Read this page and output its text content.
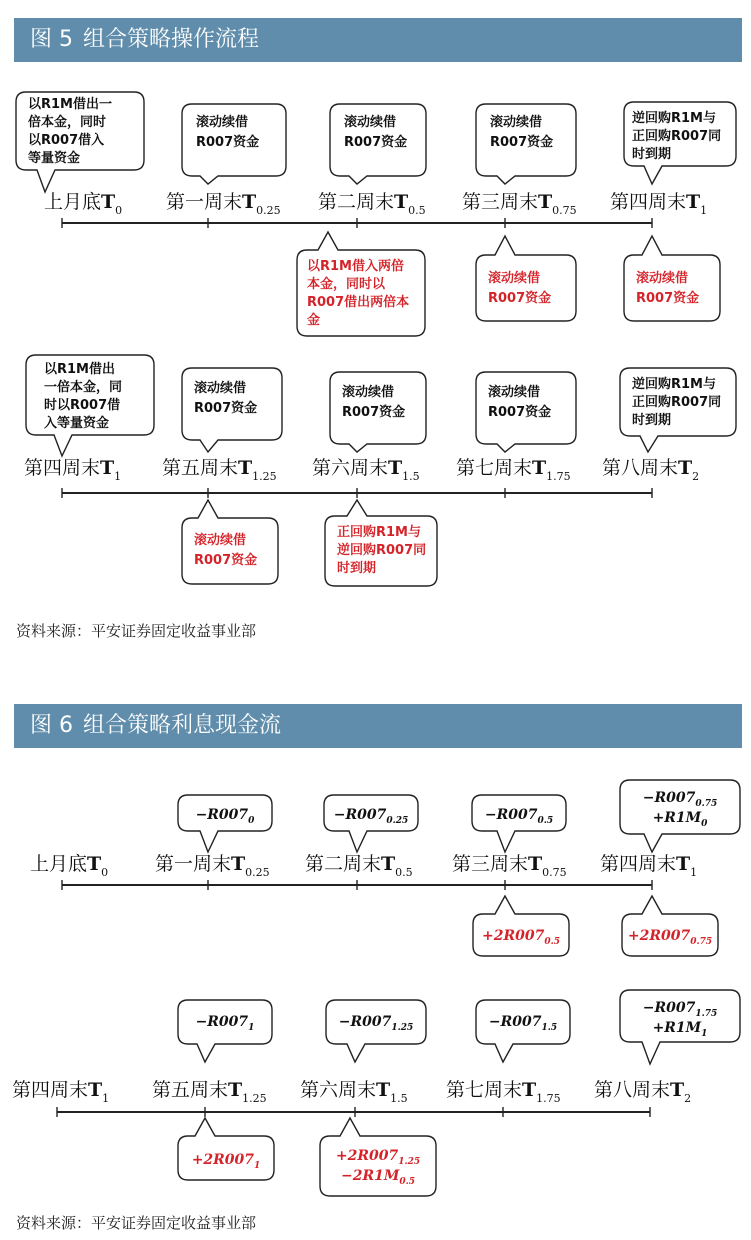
图 5 组合策略操作流程
图 6 组合策略利息现金流
资料来源：平安证券固定收益事业部
资料来源：平安证券固定收益事业部
上月底$T_0$ 第一周末$T_{0.25}$ 第二周末$T_{0.5}$ 第三周末$T_{0.75}$ 第四周末$T_1$
以R1M借出一
倍本金，同时
以R007借入
等量资金
滚动续借
R007资金
滚动续借
R007资金
滚动续借
R007资金
逆回购R1M与
正回购R007同
时到期
以R1M借入两倍
本金，同时以
R007借出两倍本
金
滚动续借
R007资金
滚动续借
R007资金
第四周末$T_1$ 第五周末$T_{1.25}$ 第六周末$T_{1.5}$ 第七周末$T_{1.75}$ 第八周末$T_2$
以R1M借出
一倍本金，同
时以R007借
入等量资金
滚动续借
R007资金
滚动续借
R007资金
滚动续借
R007资金
逆回购R1M与
正回购R007同
时到期
滚动续借
R007资金
正回购R1M与
逆回购R007同
时到期
上月底$T_0$ 第一周末$T_{0.25}$ 第二周末$T_{0.5}$ 第三周末$T_{0.75}$ 第四周末$T_1$
$-R007_0$	$-R007_{0.25}$	$-R007_{0.5}$
$-R007_{0.75}$
$+R1M_0$
$+2R007_{0.5}$	$+2R007_{0.75}$
第四周末$T_1$ 第五周末$T_{1.25}$ 第六周末$T_{1.5}$ 第七周末$T_{1.75}$ 第八周末$T_2$
$-R007_1$	$-R007_{1.25}$	$-R007_{1.5}$
$-R007_{1.75}$
$+R1M_1$
$+2R007_1$
$+2R007_{1.25}$
$-2R1M_{0.5}$
